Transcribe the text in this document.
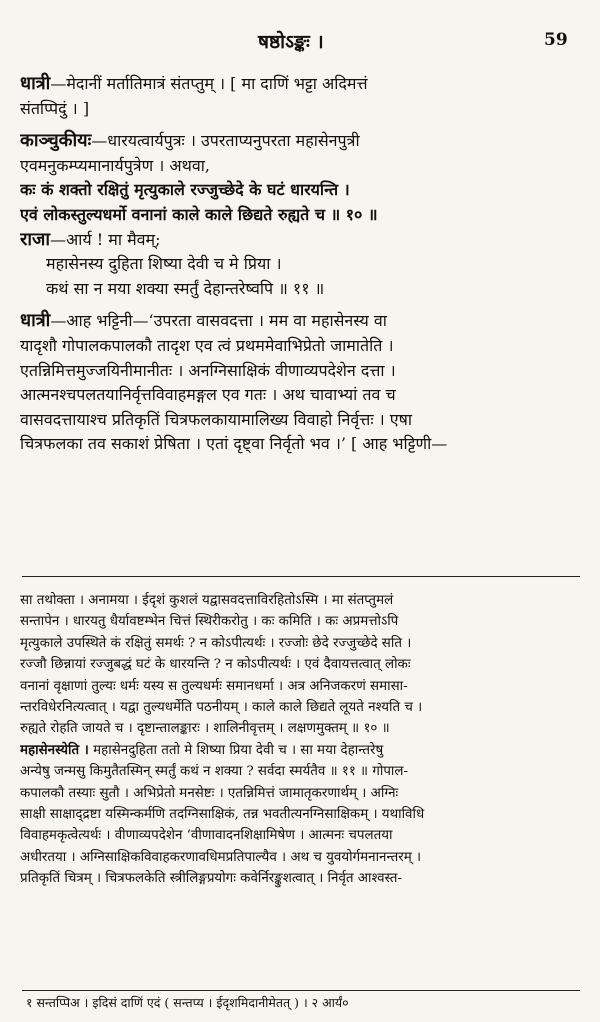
षष्ठोऽङ्कः ।	59
धात्री—मेदानीं मर्तातिमात्रं संतप्तुम् । [ मा दाणिं भट्टा अदिमत्तं
संतप्पिदुं । ]
काञ्चुकीयः—धारयत्वार्यपुत्रः । उपरताप्यनुपरता महासेनपुत्री
एवमनुकम्प्यमानार्यपुत्रेण । अथवा,
कः कं शक्तो रक्षितुं मृत्युकाले रज्जुच्छेदे के घटं धारयन्ति ।
एवं लोकस्तुल्यधर्मो वनानां काले काले छिद्यते रुह्यते च ॥ १० ॥
राजा—आर्य ! मा मैवम्;
महासेनस्य दुहिता शिष्या देवी च मे प्रिया ।
कथं सा न मया शक्या स्मर्तुं देहान्तरेष्वपि ॥ ११ ॥
धात्री—आह भट्टिनी—‘उपरता वासवदत्ता । मम वा महासेनस्य वा
यादृशौ गोपालकपालकौ तादृश एव त्वं प्रथममेवाभिप्रेतो जामातेति ।
एतन्निमित्तमुज्जयिनीमानीतः । अनग्निसाक्षिकं वीणाव्यपदेशेन दत्ता ।
आत्मनश्चपलतयानिर्वृत्तविवाहमङ्गल एव गतः । अथ चावाभ्यां तव च
वासवदत्तायाश्च प्रतिकृतिं चित्रफलकायामालिख्य विवाहो निर्वृत्तः । एषा
चित्रफलका तव सकाशं प्रेषिता । एतां दृष्ट्वा निर्वृतो भव ।’ [ आह भट्टिणी—
सा तथोक्ता । अनामया । ईदृशं कुशलं यद्वासवदत्ताविरहितोऽस्मि । मा संतप्तुमलं
सन्तापेन । धारयतु धैर्यावष्टम्भेन चित्तं स्थिरीकरोतु । कः कमिति । कः अप्रमत्तोऽपि
मृत्युकाले उपस्थिते कं रक्षितुं समर्थः ? न कोऽपीत्यर्थः । रज्जोः छेदे रज्जुच्छेदे सति ।
रज्जौ छिन्नायां रज्जुबद्धं घटं के धारयन्ति ? न कोऽपीत्यर्थः । एवं दैवायत्तत्वात् लोकः
वनानां वृक्षाणां तुल्यः धर्मः यस्य स तुल्यधर्मः समानधर्मा । अत्र अनिजकरणं समासा-
न्तरविधेरनित्यत्वात् । यद्वा तुल्यधर्मेति पठनीयम् । काले काले छिद्यते लूयते नश्यति च ।
रुह्यते रोहति जायते च । दृष्टान्तालङ्कारः । शालिनीवृत्तम् । लक्षणमुक्तम् ॥ १० ॥
महासेनस्येति । महासेनदुहिता ततो मे शिष्या प्रिया देवी च । सा मया देहान्तरेषु
अन्येषु जन्मसु किमुतैतस्मिन् स्मर्तुं कथं न शक्या ? सर्वदा स्मर्यतैव ॥ ११ ॥ गोपाल-
कपालकौ तस्याः सुतौ । अभिप्रेतो मनसेष्टः । एतन्निमित्तं जामातृकरणार्थम् । अग्निः
साक्षी साक्षाद्द्रष्टा यस्मिन्कर्मणि तदग्निसाक्षिकं, तन्न भवतीत्यनग्निसाक्षिकम् । यथाविधि
विवाहमकृत्वेत्यर्थः । वीणाव्यपदेशेन ‘वीणावादनशिक्षामिषेण । आत्मनः चपलतया
अधीरतया । अग्निसाक्षिकविवाहकरणावधिमप्रतिपाल्यैव । अथ च युवयोर्गमनानन्तरम् ।
प्रतिकृतिं चित्रम् । चित्रफलकेति स्त्रीलिङ्गप्रयोगः कवेर्निरङ्कुशत्वात् । निर्वृत आश्वस्त-
१ सन्तप्पिअ । इदिसं दाणिं एदं ( सन्तप्य । ईदृशमिदानीमेतत् ) । २ आर्यं०
